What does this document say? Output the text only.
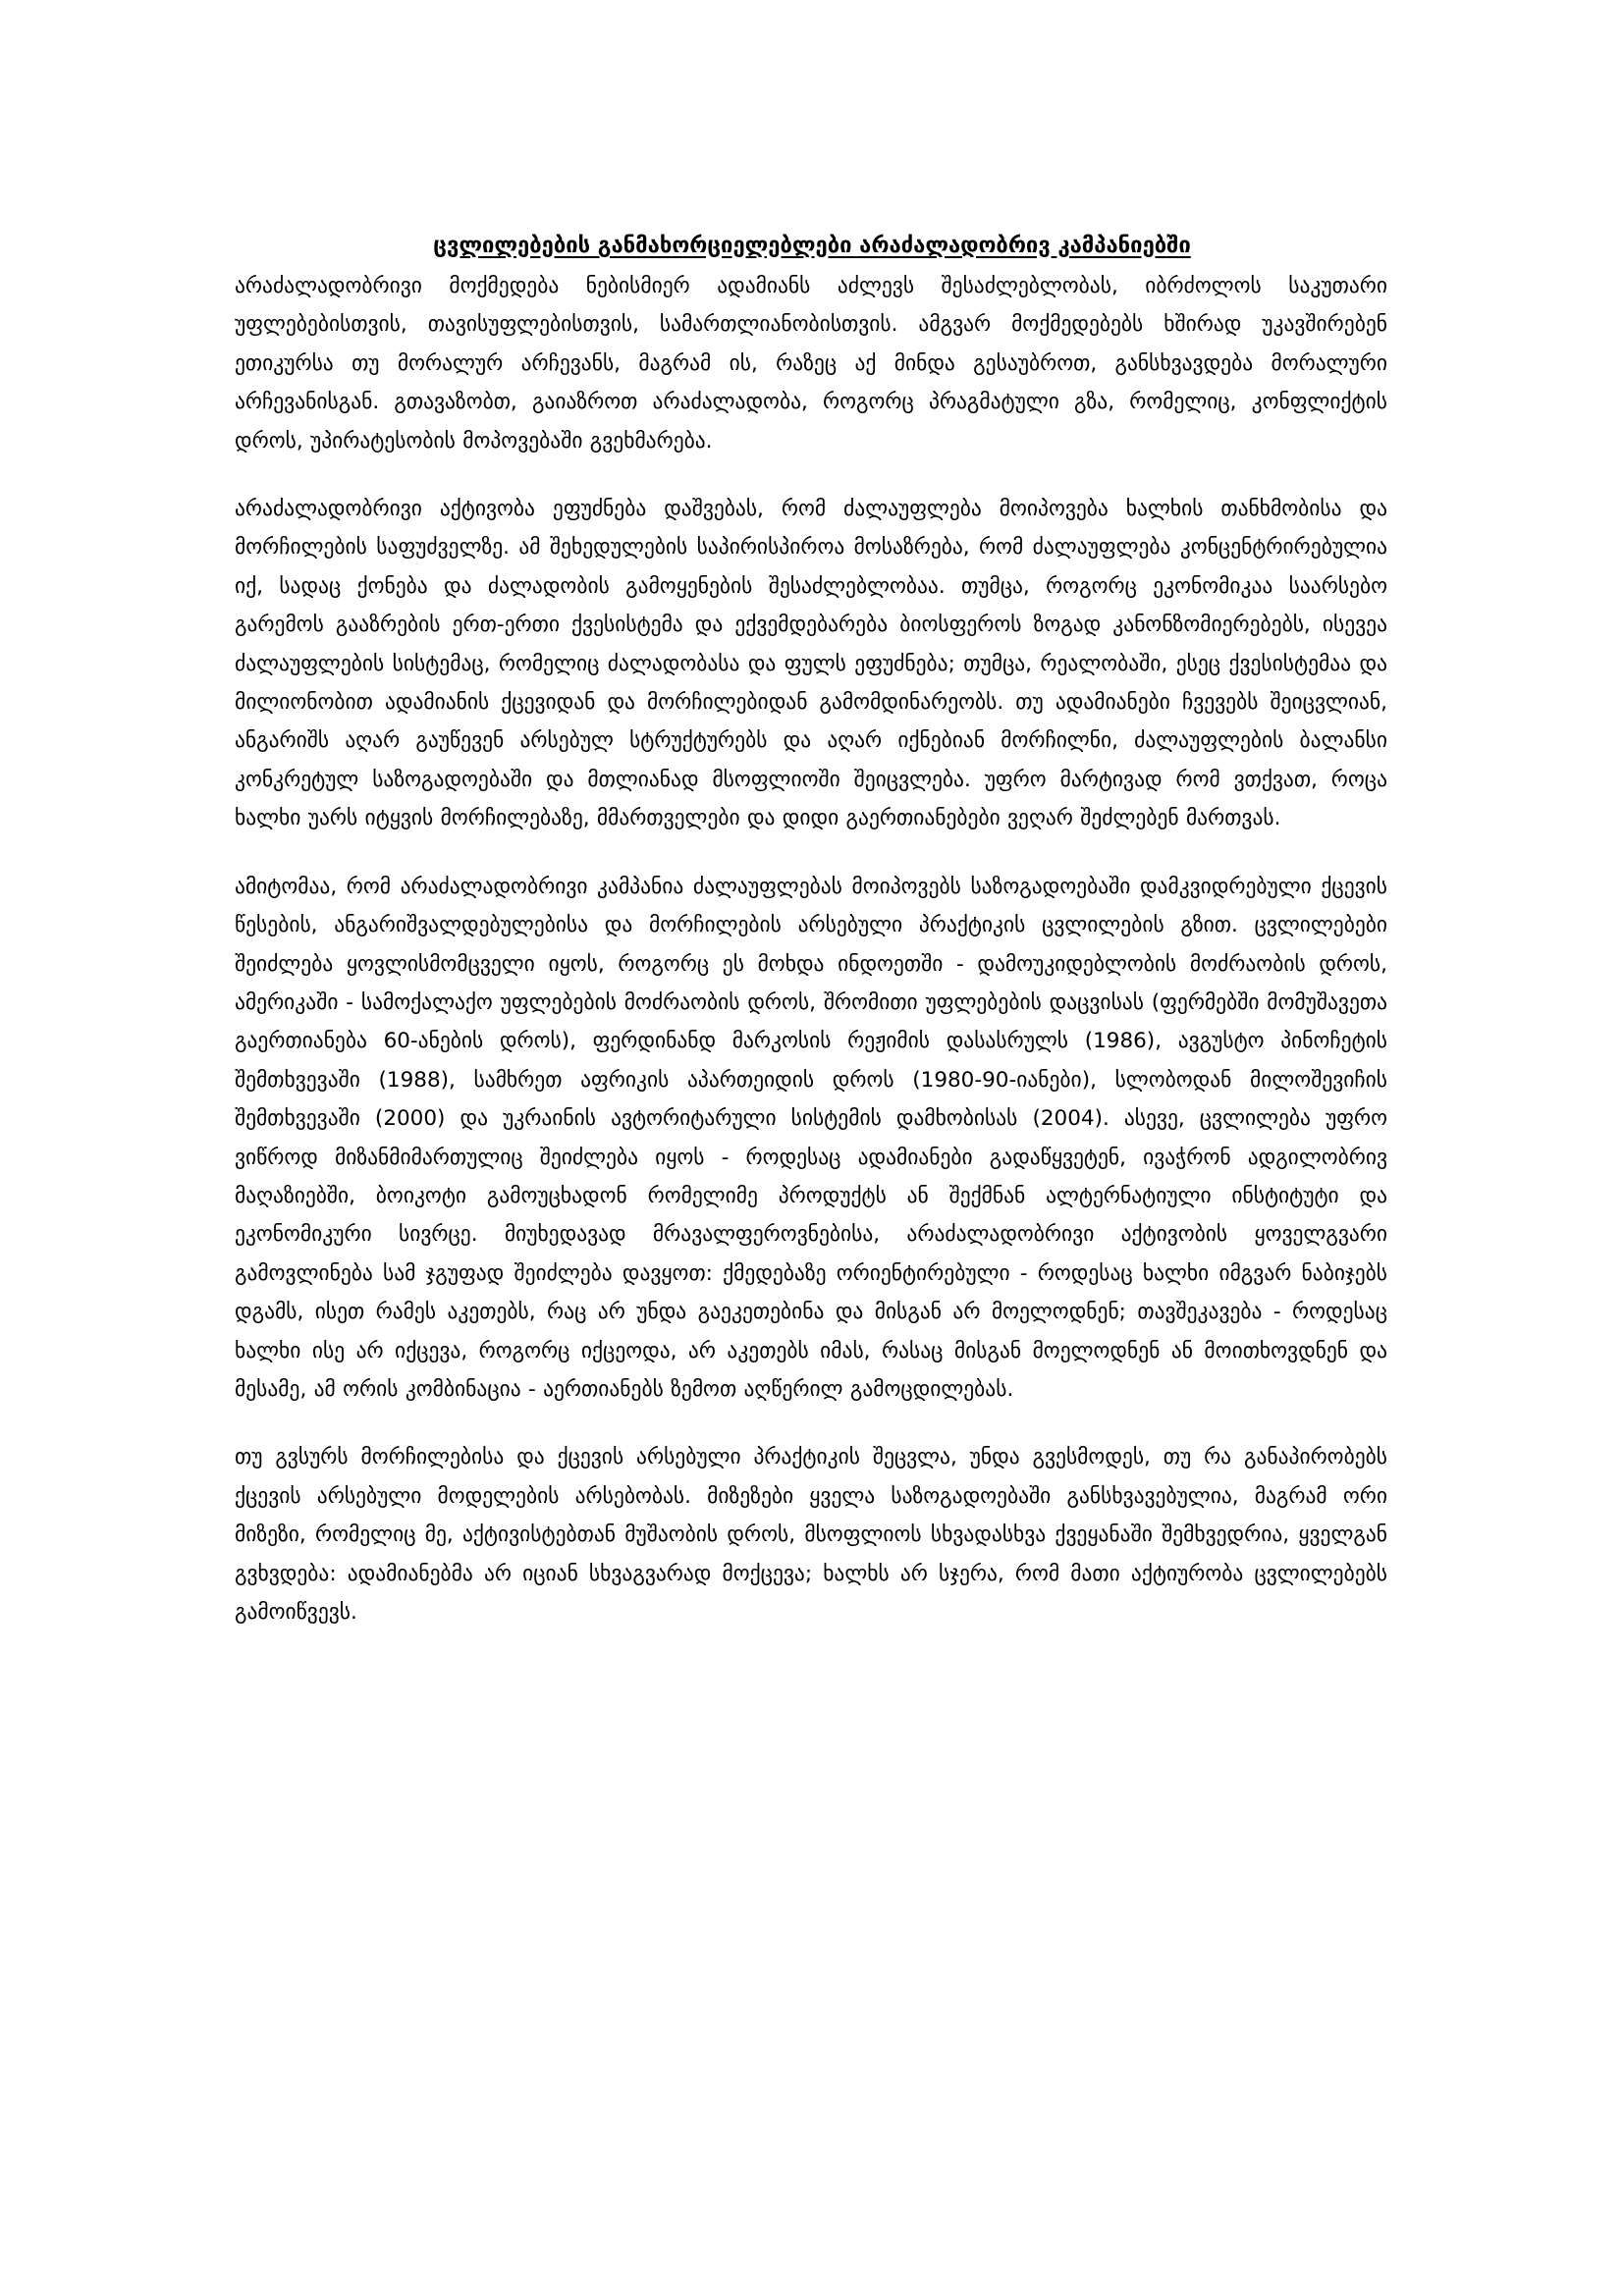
ცვლილებების განმახორციელებლები არაძალადობრივ კამპანიებში

არაძალადობრივი მოქმედება ნებისმიერ ადამიანს აძლევს შესაძლებლობას, იბრძოლოს საკუთარი უფლებებისთვის, თავისუფლებისთვის, სამართლიანობისთვის. ამგვარ მოქმედებებს ხშირად უკავშირებენ ეთიკურსა თუ მორალურ არჩევანს, მაგრამ ის, რაზეც აქ მინდა გესაუბროთ, განსხვავდება მორალური არჩევანისგან. გთავაზობთ, გაიაზროთ არაძალადობა, როგორც პრაგმატული გზა, რომელიც, კონფლიქტის დროს, უპირატესობის მოპოვებაში გვეხმარება.

არაძალადობრივი აქტივობა ეფუძნება დაშვებას, რომ ძალაუფლება მოიპოვება ხალხის თანხმობისა და მორჩილების საფუძველზე. ამ შეხედულების საპირისპიროა მოსაზრება, რომ ძალაუფლება კონცენტრირებულია იქ, სადაც ქონება და ძალადობის გამოყენების შესაძლებლობაა. თუმცა, როგორც ეკონომიკაა საარსებო გარემოს გააზრების ერთ-ერთი ქვესისტემა და ექვემდებარება ბიოსფეროს ზოგად კანონზომიერებებს, ისევეა ძალაუფლების სისტემაც, რომელიც ძალადობასა და ფულს ეფუძნება; თუმცა, რეალობაში, ესეც ქვესისტემაა და მილიონობით ადამიანის ქცევიდან და მორჩილებიდან გამომდინარეობს. თუ ადამიანები ჩვევებს შეიცვლიან, ანგარიშს აღარ გაუწევენ არსებულ სტრუქტურებს და აღარ იქნებიან მორჩილნი, ძალაუფლების ბალანსი კონკრეტულ საზოგადოებაში და მთლიანად მსოფლიოში შეიცვლება. უფრო მარტივად რომ ვთქვათ, როცა ხალხი უარს იტყვის მორჩილებაზე, მმართველები და დიდი გაერთიანებები ვეღარ შეძლებენ მართვას.

ამიტომაა, რომ არაძალადობრივი კამპანია ძალაუფლებას მოიპოვებს საზოგადოებაში დამკვიდრებული ქცევის წესების, ანგარიშვალდებულებისა და მორჩილების არსებული პრაქტიკის ცვლილების გზით. ცვლილებები შეიძლება ყოვლისმომცველი იყოს, როგორც ეს მოხდა ინდოეთში - დამოუკიდებლობის მოძრაობის დროს, ამერიკაში - სამოქალაქო უფლებების მოძრაობის დროს, შრომითი უფლებების დაცვისას (ფერმებში მომუშავეთა გაერთიანება 60-ანების დროს), ფერდინანდ მარკოსის რეჟიმის დასასრულს (1986), ავგუსტო პინოჩეტის შემთხვევაში (1988), სამხრეთ აფრიკის აპართეიდის დროს (1980-90-იანები), სლობოდან მილოშევიჩის შემთხვევაში (2000) და უკრაინის ავტორიტარული სისტემის დამხობისას (2004). ასევე, ცვლილება უფრო ვიწროდ მიზანმიმართულიც შეიძლება იყოს - როდესაც ადამიანები გადაწყვეტენ, ივაჭრონ ადგილობრივ მაღაზიებში, ბოიკოტი გამოუცხადონ რომელიმე პროდუქტს ან შექმნან ალტერნატიული ინსტიტუტი და ეკონომიკური სივრცე. მიუხედავად მრავალფეროვნებისა, არაძალადობრივი აქტივობის ყოველგვარი გამოვლინება სამ ჯგუფად შეიძლება დავყოთ: ქმედებაზე ორიენტირებული - როდესაც ხალხი იმგვარ ნაბიჯებს დგამს, ისეთ რამეს აკეთებს, რაც არ უნდა გაეკეთებინა და მისგან არ მოელოდნენ; თავშეკავება - როდესაც ხალხი ისე არ იქცევა, როგორც იქცეოდა, არ აკეთებს იმას, რასაც მისგან მოელოდნენ ან მოითხოვდნენ და მესამე, ამ ორის კომბინაცია - აერთიანებს ზემოთ აღწერილ გამოცდილებას.

თუ გვსურს მორჩილებისა და ქცევის არსებული პრაქტიკის შეცვლა, უნდა გვესმოდეს, თუ რა განაპირობებს ქცევის არსებული მოდელების არსებობას. მიზეზები ყველა საზოგადოებაში განსხვავებულია, მაგრამ ორი მიზეზი, რომელიც მე, აქტივისტებთან მუშაობის დროს, მსოფლიოს სხვადასხვა ქვეყანაში შემხვედრია, ყველგან გვხვდება: ადამიანებმა არ იციან სხვაგვარად მოქცევა; ხალხს არ სჯერა, რომ მათი აქტიურობა ცვლილებებს გამოიწვევს.
